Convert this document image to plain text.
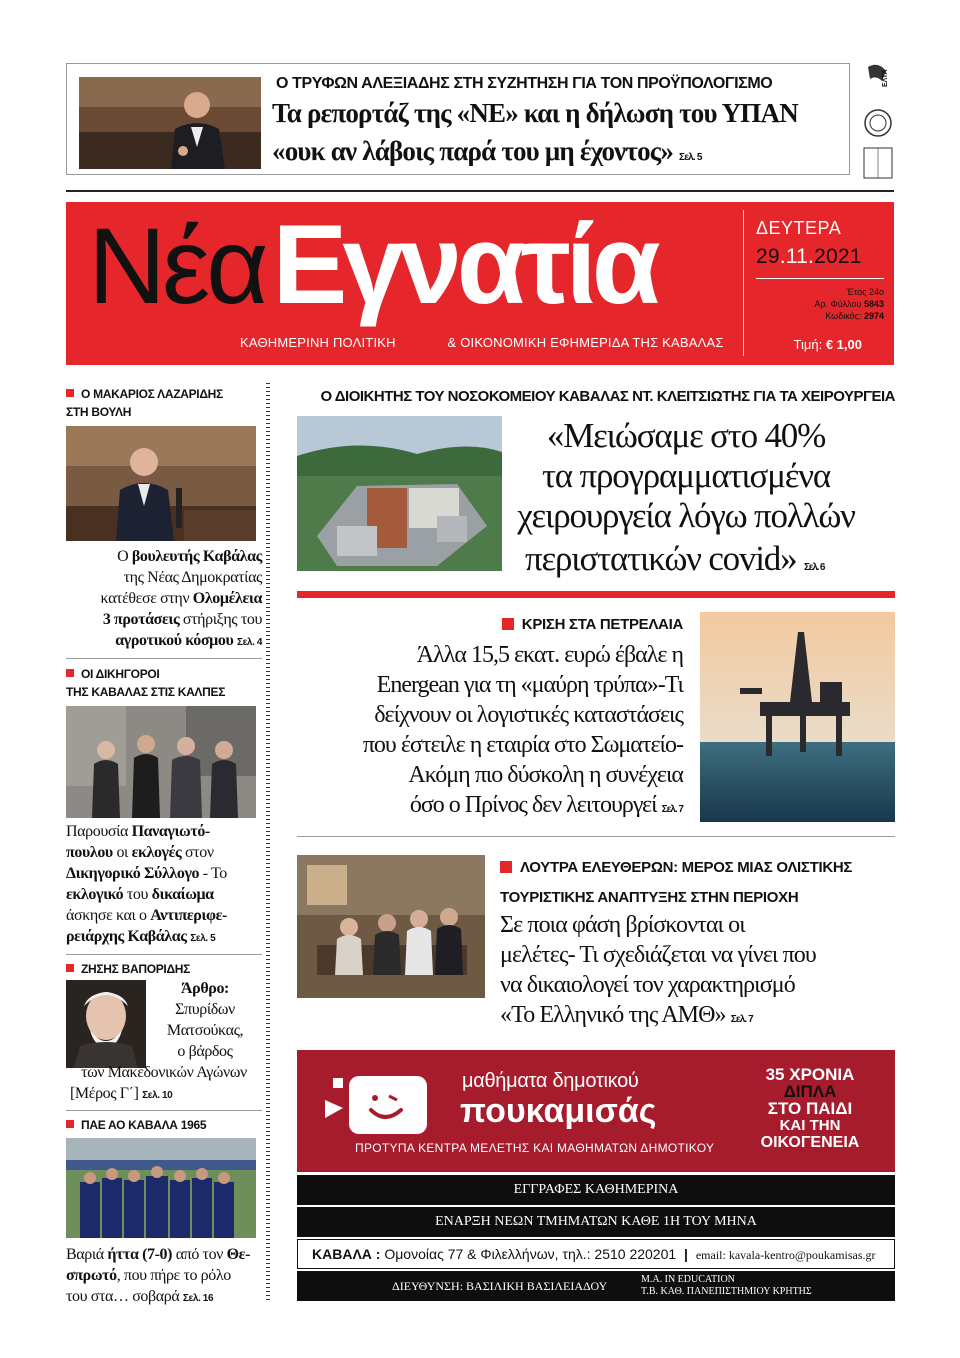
Ο ΤΡΥΦΩΝ ΑΛΕΞΙΑΔΗΣ ΣΤΗ ΣΥΖΗΤΗΣΗ ΓΙΑ ΤΟΝ ΠΡΟΫΠΟΛΟΓΙΣΜΟ
Τα ρεπορτάζ της «ΝΕ» και η δήλωση του ΥΠΑΝ
«ουκ αν λάβοις παρά του μη έχοντος» Σελ. 5
ΕΛΤΑ
ΝέαΕγνατία
ΚΑΘΗΜΕΡΙΝΗ ΠΟΛΙΤΙΚΗ	& ΟΙΚΟΝΟΜΙΚΗ ΕΦΗΜΕΡΙΔΑ ΤΗΣ ΚΑΒΑΛΑΣ
ΔΕΥΤΕΡΑ
29.11.2021
Έτος 24ο
Αρ. Φύλλου 5843
Κωδικός: 2974
Τιμή: € 1,00
Ο ΜΑΚΑΡΙΟΣ ΛΑΖΑΡΙΔΗΣ
ΣΤΗ ΒΟΥΛΗ
Ο βουλευτής Καβάλας
της Νέας Δημοκρατίας
κατέθεσε στην Ολομέλεια
3 προτάσεις στήριξης του
αγροτικού κόσμου Σελ. 4
ΟΙ ΔΙΚΗΓΟΡΟΙ
ΤΗΣ ΚΑΒΑΛΑΣ ΣΤΙΣ ΚΑΛΠΕΣ
Παρουσία Παναγιωτό-
πουλου οι εκλογές στον
Δικηγορικό Σύλλογο - Το
εκλογικό του δικαίωμα
άσκησε και ο Αντιπεριφε-
ρειάρχης Καβάλας Σελ. 5
ΖΗΣΗΣ ΒΑΠΟΡΙΔΗΣ
Άρθρο:
Σπυρίδων
Ματσούκας,
ο βάρδος
των Μακεδονικών Αγώνων
[Μέρος Γ΄] Σελ. 10
ΠΑΕ ΑΟ ΚΑΒΑΛΑ 1965
Βαριά ήττα (7-0) από τον Θε-
σπρωτό, που πήρε το ρόλο
του στα… σοβαρά Σελ. 16
Ο ΔΙΟΙΚΗΤΗΣ ΤΟΥ ΝΟΣΟΚΟΜΕΙΟΥ ΚΑΒΑΛΑΣ ΝΤ. ΚΛΕΙΤΣΙΩΤΗΣ ΓΙΑ ΤΑ ΧΕΙΡΟΥΡΓΕΙΑ
«Μειώσαμε στο 40%
τα προγραμματισμένα
χειρουργεία λόγω πολλών
περιστατικών covid» Σελ. 6
ΚΡΙΣΗ ΣΤΑ ΠΕΤΡΕΛΑΙΑ
Άλλα 15,5 εκατ. ευρώ έβαλε η
Energean για τη «μαύρη τρύπα»-Τι
δείχνουν οι λογιστικές καταστάσεις
που έστειλε η εταιρία στο Σωματείο-
Ακόμη πιο δύσκολη η συνέχεια
όσο ο Πρίνος δεν λειτουργεί Σελ. 7
ΛΟΥΤΡΑ ΕΛΕΥΘΕΡΩΝ: ΜΕΡΟΣ ΜΙΑΣ ΟΛΙΣΤΙΚΗΣ
ΤΟΥΡΙΣΤΙΚΗΣ ΑΝΑΠΤΥΞΗΣ ΣΤΗΝ ΠΕΡΙΟΧΗ
Σε ποια φάση βρίσκονται οι
μελέτες- Τι σχεδιάζεται να γίνει που
να δικαιολογεί τον χαρακτηρισμό
«Το Ελληνικό της ΑΜΘ» Σελ. 7
μαθήματα δημοτικού
πουκαμισάς
ΠΡΟΤΥΠΑ ΚΕΝΤΡΑ ΜΕΛΕΤΗΣ ΚΑΙ ΜΑΘΗΜΑΤΩΝ ΔΗΜΟΤΙΚΟΥ
35 ΧΡΟΝΙΑ
ΔΙΠΛΑ
ΣΤΟ ΠΑΙΔΙ
ΚΑΙ ΤΗΝ
ΟΙΚΟΓΕΝΕΙΑ
ΕΓΓΡΑΦΕΣ ΚΑΘΗΜΕΡΙΝΑ
ΕΝΑΡΞΗ ΝΕΩΝ ΤΜΗΜΑΤΩΝ ΚΑΘΕ 1Η ΤΟΥ ΜΗΝΑ
ΚΑΒΑΛΑ : Ομονοίας 77 & Φιλελλήνων, τηλ.: 2510 220201 | email: kavala-kentro@poukamisas.gr
ΔΙΕΥΘΥΝΣΗ: ΒΑΣΙΛΙΚΗ ΒΑΣΙΛΕΙΑΔΟΥ	M.A. IN EDUCATION
Τ.Β. ΚΑΘ. ΠΑΝΕΠΙΣΤΗΜΙΟΥ ΚΡΗΤΗΣ
